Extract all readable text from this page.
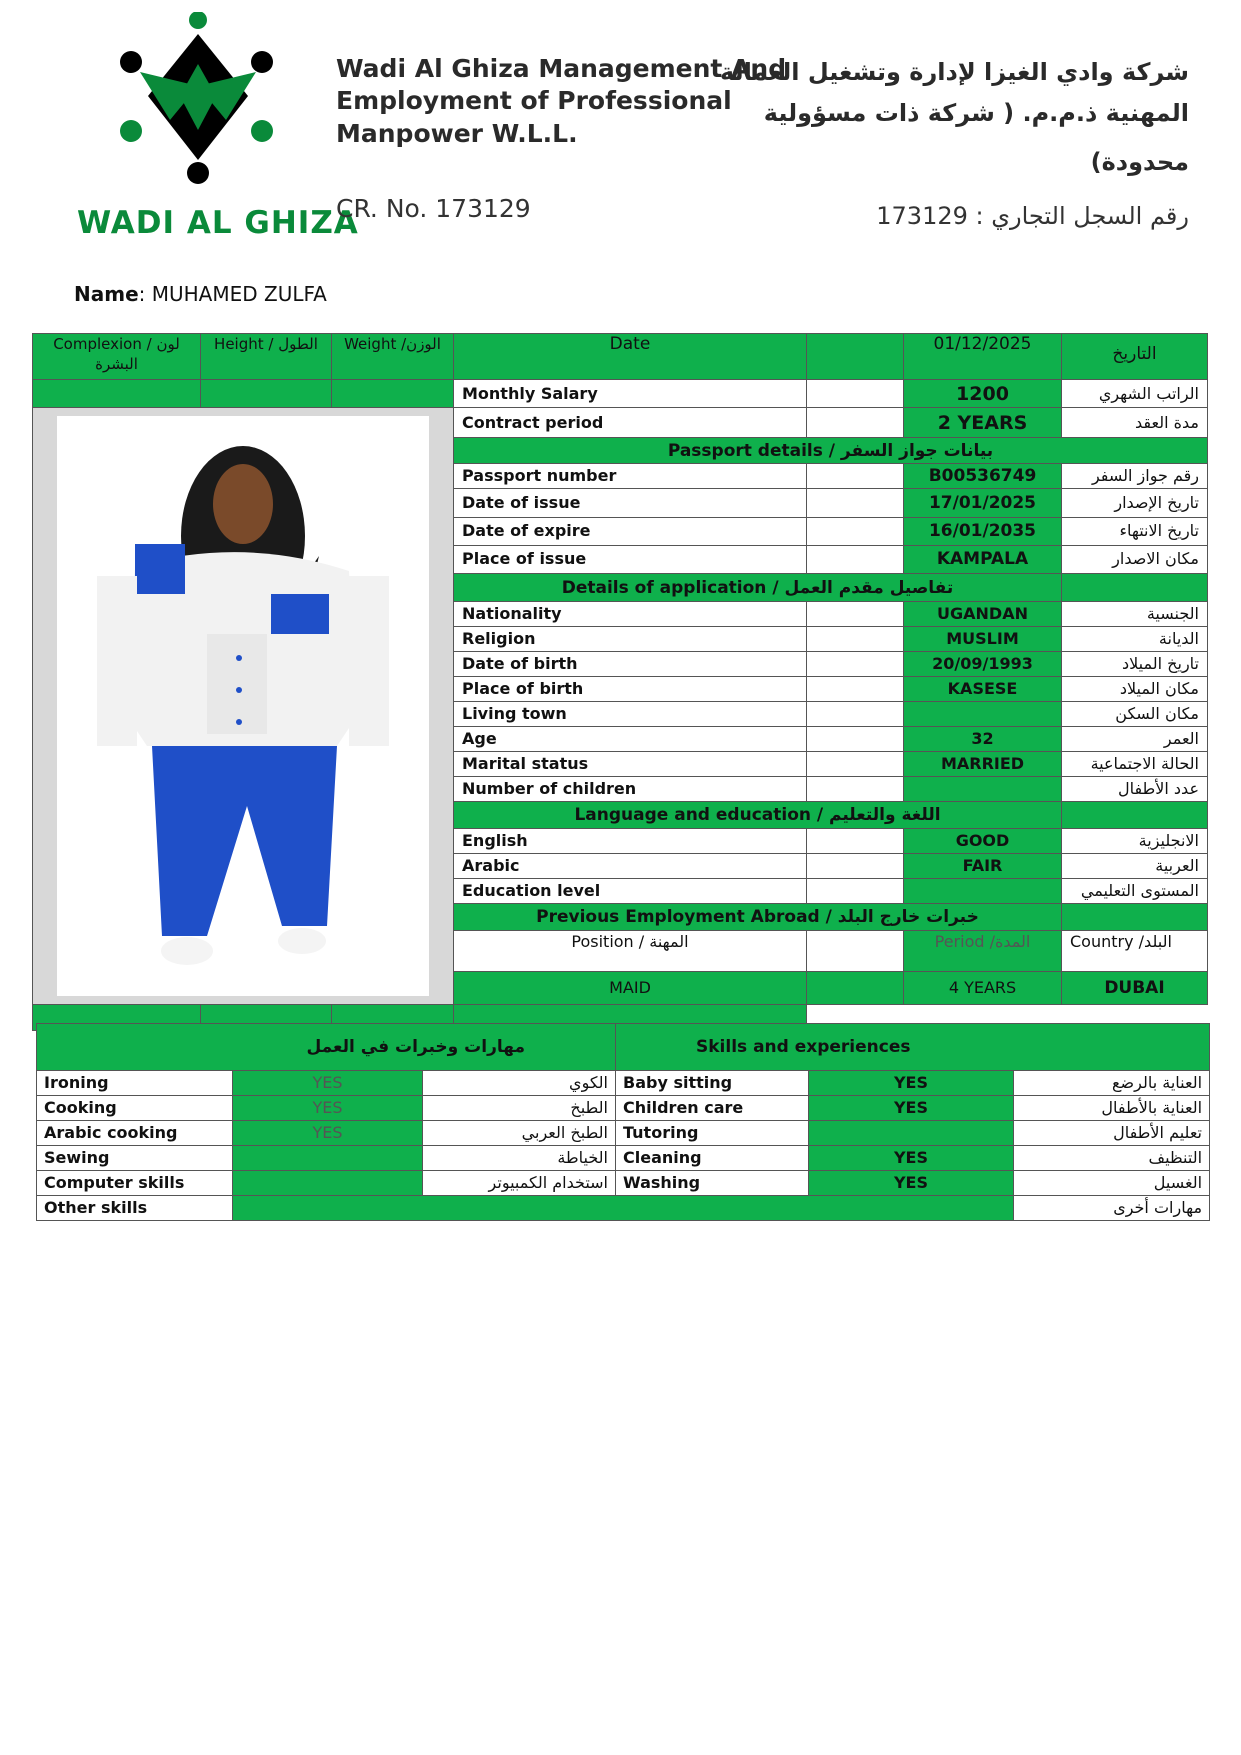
WADI AL GHIZA
Wadi Al Ghiza Management And
Employment of Professional
Manpower W.L.L.
CR. No. 173129
شركة وادي الغيزا لإدارة وتشغيل العمالة
المهنية ذ.م.م. ( شركة ذات مسؤولية
محدودة)
رقم السجل التجاري : 173129
Name: MUHAMED ZULFA
Complexion / لون البشرة	Height / الطول	Weight /الوزن	Date		01/12/2025	التاريخ
			Monthly Salary		1200	الراتب الشهري

	Contract period		2 YEARS	مدة العقد
			Passport details / بيانات جواز السفر			
			Passport number		B00536749	رقم جواز السفر
			Date of issue		17/01/2025	تاريخ الإصدار
			Date of expire		16/01/2035	تاريخ الانتهاء
			Place of issue		KAMPALA	مكان الاصدار
			Details of application / تفاصيل مقدم العمل			
			Nationality		UGANDAN	الجنسية
			Religion		MUSLIM	الديانة
			Date of birth		20/09/1993	تاريخ الميلاد
			Place of birth		KASESE	مكان الميلاد
			Living town			مكان السكن
			Age		32	العمر
			Marital status		MARRIED	الحالة الاجتماعية
			Number of children			عدد الأطفال
			Language and education / اللغة والتعليم			
			English		GOOD	الانجليزية
			Arabic		FAIR	العربية
			Education level			المستوى التعليمي
			Previous Employment Abroad / خبرات خارج البلد			
			Position / المهنة		Period /المدة	Country /البلد
			MAID		4 YEARS	DUBAI

مهارات وخبرات في العمل			Skills and experiences		
Ironing	YES	الكوي	Baby sitting	YES	العناية بالرضع
Cooking	YES	الطبخ	Children care	YES	العناية بالأطفال
Arabic cooking	YES	الطبخ العربي	Tutoring		تعليم الأطفال
Sewing		الخياطة	Cleaning	YES	التنظيف
Computer skills		استخدام الكمبيوتر	Washing	YES	الغسيل
Other skills					مهارات أخرى
